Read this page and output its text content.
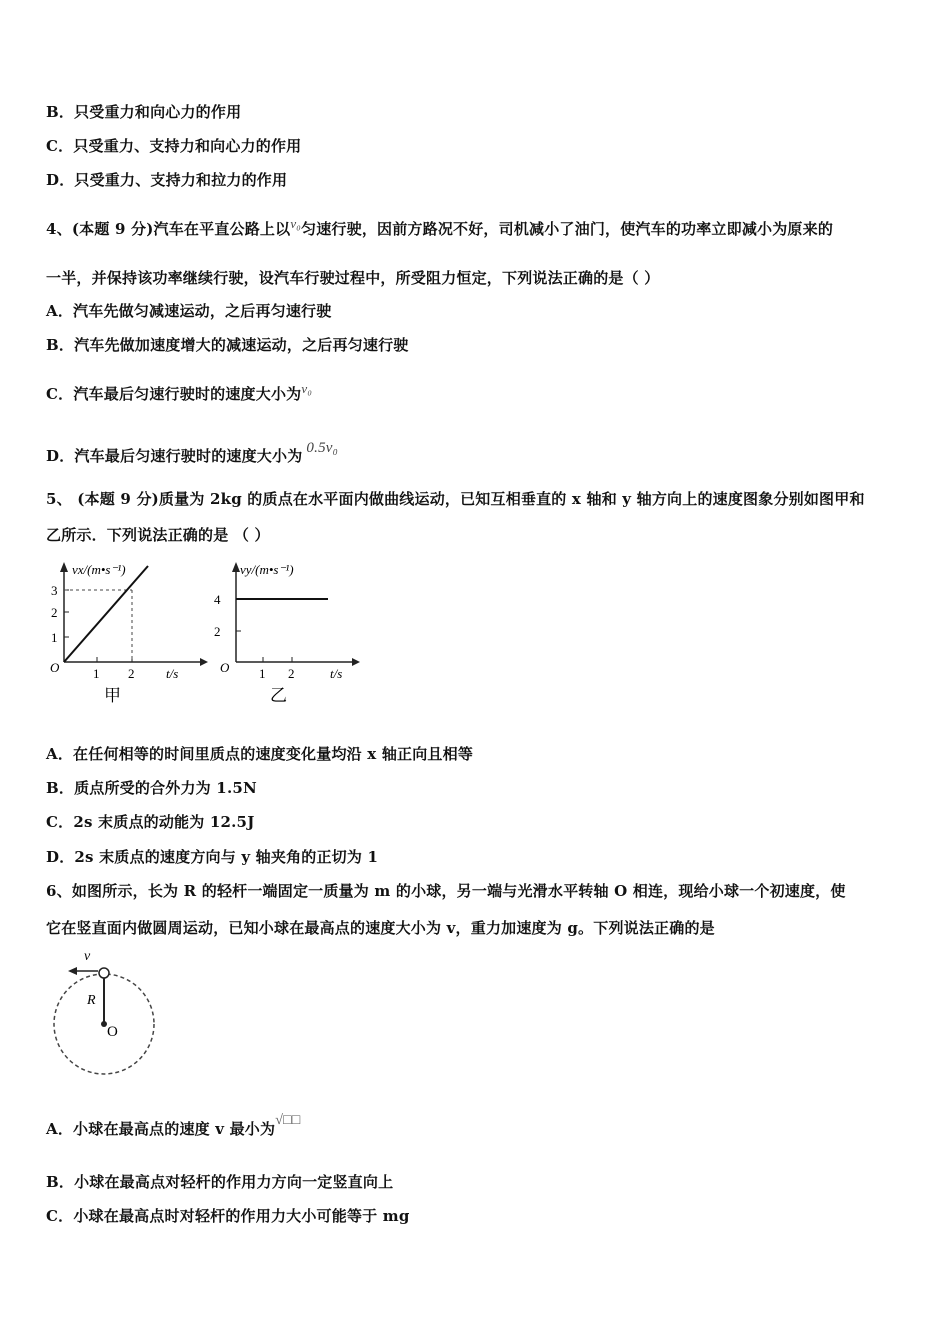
B．只受重力和向心力的作用
C．只受重力、支持力和向心力的作用
D．只受重力、支持力和拉力的作用
4、(本题 9 分)汽车在平直公路上以v₀匀速行驶，因前方路况不好，司机减小了油门，使汽车的功率立即减小为原来的
一半，并保持该功率继续行驶，设汽车行驶过程中，所受阻力恒定，下列说法正确的是（ ）
A．汽车先做匀减速运动，之后再匀速行驶
B．汽车先做加速度增大的减速运动，之后再匀速行驶
C．汽车最后匀速行驶时的速度大小为v₀
D．汽车最后匀速行驶时的速度大小为 0.5v₀
5、 (本题 9 分)质量为 2kg 的质点在水平面内做曲线运动，已知互相垂直的 x 轴和 y 轴方向上的速度图象分别如图甲和
乙所示．下列说法正确的是 （ ）
vx/(m•s⁻¹)
t/s
O
1
2
3
1 2
甲
vy/(m•s⁻¹)
t/s
O
2
4
1 2
乙
A．在任何相等的时间里质点的速度变化量均沿 x 轴正向且相等
B．质点所受的合外力为 1.5N
C．2s 末质点的动能为 12.5J
D．2s 末质点的速度方向与 y 轴夹角的正切为 1
6、如图所示，长为 R 的轻杆一端固定一质量为 m 的小球，另一端与光滑水平转轴 O 相连，现给小球一个初速度，使
它在竖直面内做圆周运动，已知小球在最高点的速度大小为 v，重力加速度为 g。下列说法正确的是
v
R
O
A．小球在最高点的速度 v 最小为√□□
B．小球在最高点对轻杆的作用力方向一定竖直向上
C．小球在最高点时对轻杆的作用力大小可能等于 mg
